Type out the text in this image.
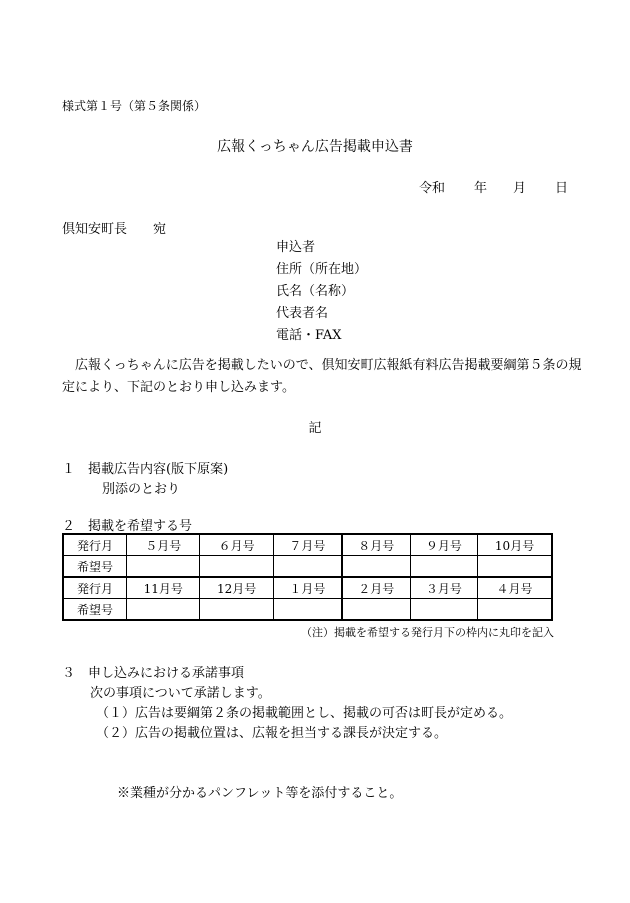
様式第１号（第５条関係）
広報くっちゃん広告掲載申込書
令和 年 月 日
倶知安町長　　宛
申込者
住所（所在地）
氏名（名称）
代表者名
電話・FAX
広報くっちゃんに広告を掲載したいので、倶知安町広報紙有料広告掲載要綱第５条の規定により、下記のとおり申し込みます。
記
１　掲載広告内容(版下原案)
別添のとおり
２　掲載を希望する号
発行月	５月号	６月号	７月号	８月号	９月号	10月号
希望号						
発行月	11月号	12月号	１月号	２月号	３月号	４月号
希望号						
（注）掲載を希望する発行月下の枠内に丸印を記入
３　申し込みにおける承諾事項
次の事項について承諾します。
（１）広告は要綱第２条の掲載範囲とし、掲載の可否は町長が定める。
（２）広告の掲載位置は、広報を担当する課長が決定する。
※業種が分かるパンフレット等を添付すること。
